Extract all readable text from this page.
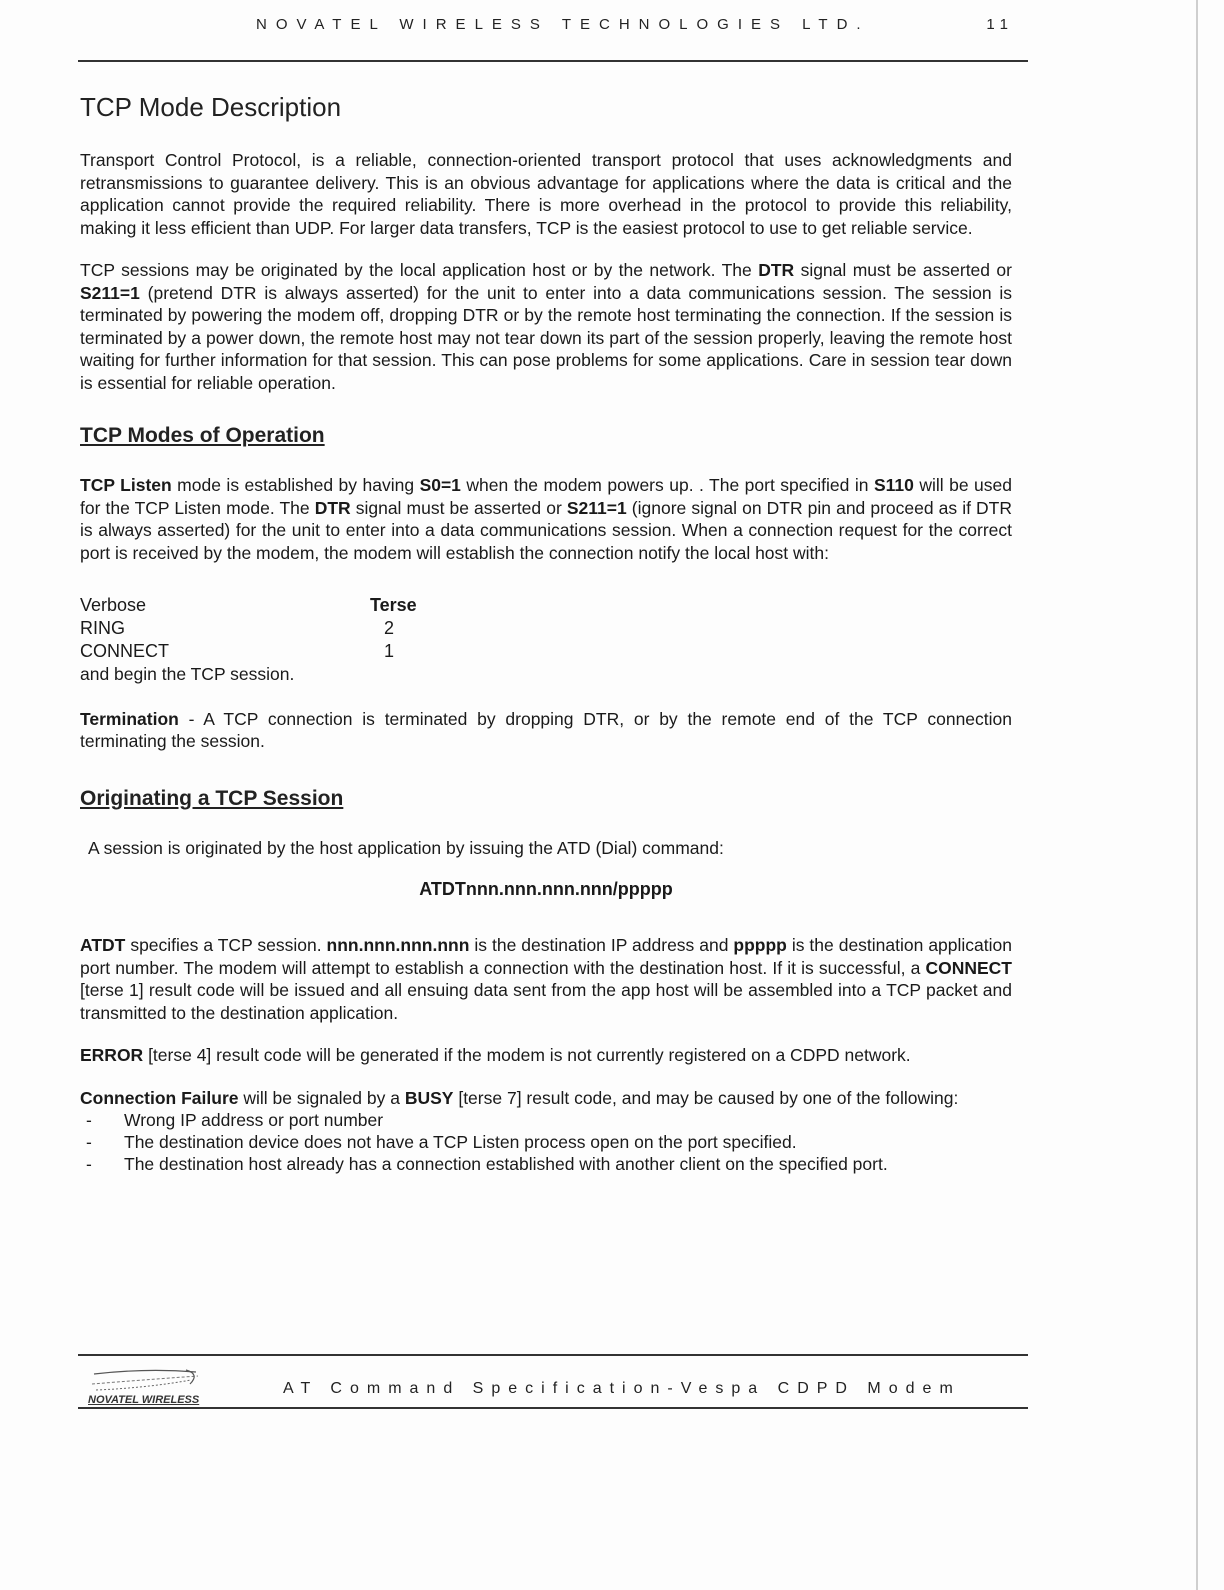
NOVATEL WIRELESS TECHNOLOGIES LTD.	11
TCP Mode Description

Transport Control Protocol, is a reliable, connection-oriented transport protocol that uses acknowledgments and retransmissions to guarantee delivery. This is an obvious advantage for applications where the data is critical and the application cannot provide the required reliability. There is more overhead in the protocol to provide this reliability, making it less efficient than UDP. For larger data transfers, TCP is the easiest protocol to use to get reliable service.

TCP sessions may be originated by the local application host or by the network. The DTR signal must be asserted or S211=1 (pretend DTR is always asserted) for the unit to enter into a data communications session. The session is terminated by powering the modem off, dropping DTR or by the remote host terminating the connection. If the session is terminated by a power down, the remote host may not tear down its part of the session properly, leaving the remote host waiting for further information for that session. This can pose problems for some applications. Care in session tear down is essential for reliable operation.

TCP Modes of Operation

TCP Listen mode is established by having S0=1 when the modem powers up. . The port specified in S110 will be used for the TCP Listen mode. The DTR signal must be asserted or S211=1 (ignore signal on DTR pin and proceed as if DTR is always asserted) for the unit to enter into a data communications session. When a connection request for the correct port is received by the modem, the modem will establish the connection notify the local host with:

Verbose	Terse
RING	2
CONNECT	1

and begin the TCP session.

Termination - A TCP connection is terminated by dropping DTR, or by the remote end of the TCP connection terminating the session.

Originating a TCP Session

A session is originated by the host application by issuing the ATD (Dial) command:

ATDTnnn.nnn.nnn.nnn/ppppp

ATDT specifies a TCP session. nnn.nnn.nnn.nnn is the destination IP address and ppppp is the destination application port number. The modem will attempt to establish a connection with the destination host. If it is successful, a CONNECT [terse 1] result code will be issued and all ensuing data sent from the app host will be assembled into a TCP packet and transmitted to the destination application.

ERROR [terse 4] result code will be generated if the modem is not currently registered on a CDPD network.

Connection Failure will be signaled by a BUSY [terse 7] result code, and may be caused by one of the following:

- Wrong IP address or port number
- The destination device does not have a TCP Listen process open on the port specified.
- The destination host already has a connection established with another client on the specified port.
NOVATEL WIRELESS
AT Command Specification-Vespa CDPD Modem
